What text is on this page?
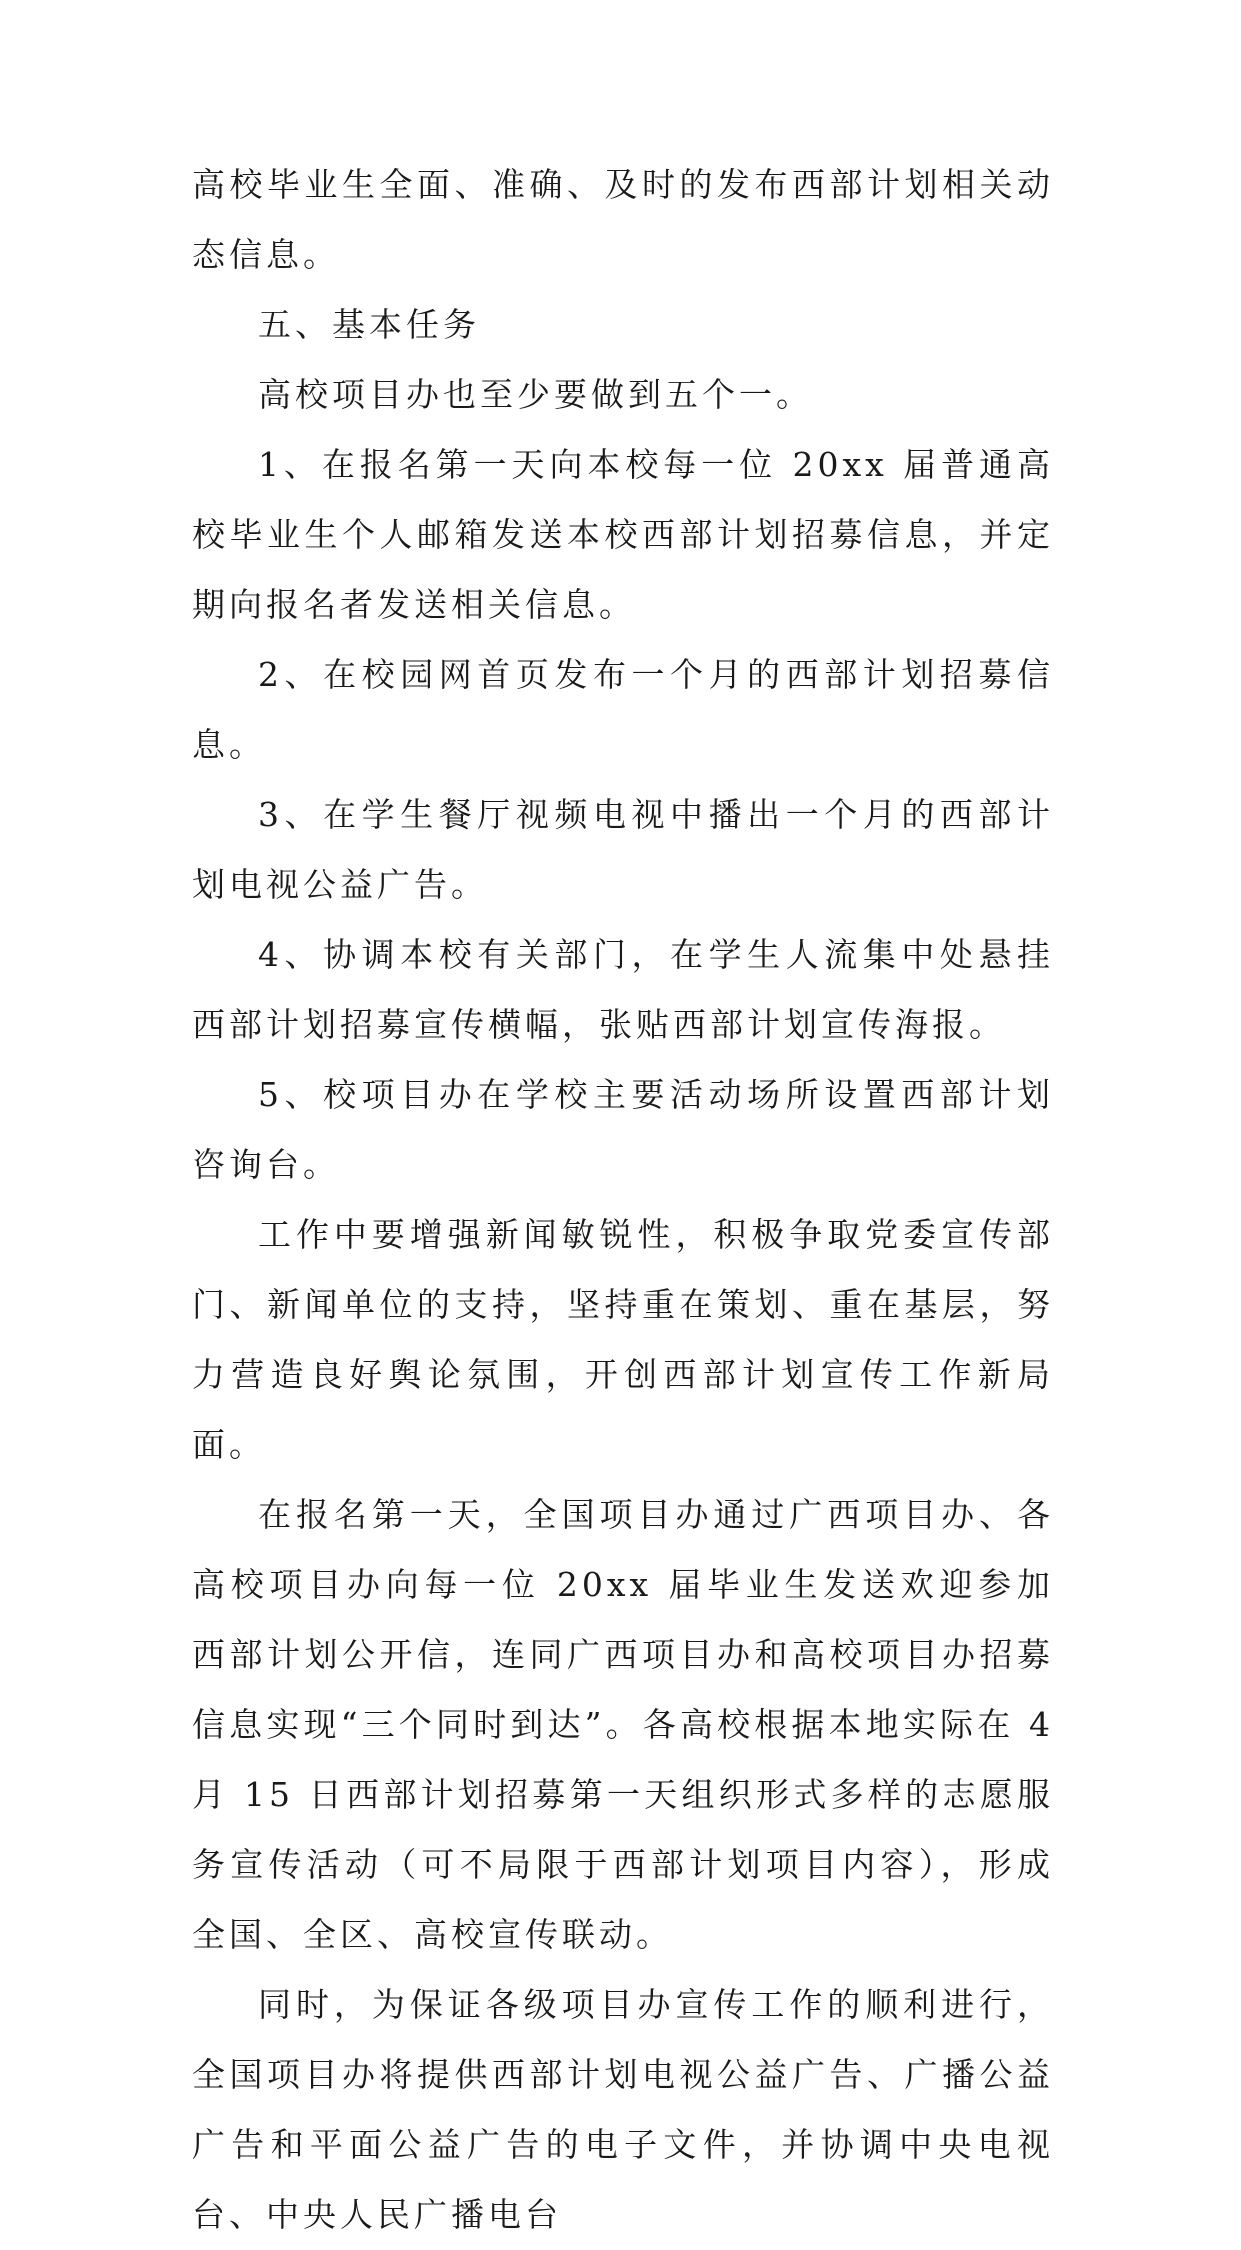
高校毕业生全面、准确、及时的发布西部计划相关动态信息。

五、基本任务

高校项目办也至少要做到五个一。

1、在报名第一天向本校每一位 20xx 届普通高校毕业生个人邮箱发送本校西部计划招募信息，并定期向报名者发送相关信息。

2、在校园网首页发布一个月的西部计划招募信息。

3、在学生餐厅视频电视中播出一个月的西部计划电视公益广告。

4、协调本校有关部门，在学生人流集中处悬挂西部计划招募宣传横幅，张贴西部计划宣传海报。

5、校项目办在学校主要活动场所设置西部计划咨询台。

工作中要增强新闻敏锐性，积极争取党委宣传部门、新闻单位的支持，坚持重在策划、重在基层，努力营造良好舆论氛围，开创西部计划宣传工作新局面。

在报名第一天，全国项目办通过广西项目办、各高校项目办向每一位 20xx 届毕业生发送欢迎参加西部计划公开信，连同广西项目办和高校项目办招募信息实现“三个同时到达”。各高校根据本地实际在 4 月 15 日西部计划招募第一天组织形式多样的志愿服务宣传活动（可不局限于西部计划项目内容），形成全国、全区、高校宣传联动。

同时，为保证各级项目办宣传工作的顺利进行，全国项目办将提供西部计划电视公益广告、广播公益广告和平面公益广告的电子文件，并协调中央电视台、中央人民广播电台
